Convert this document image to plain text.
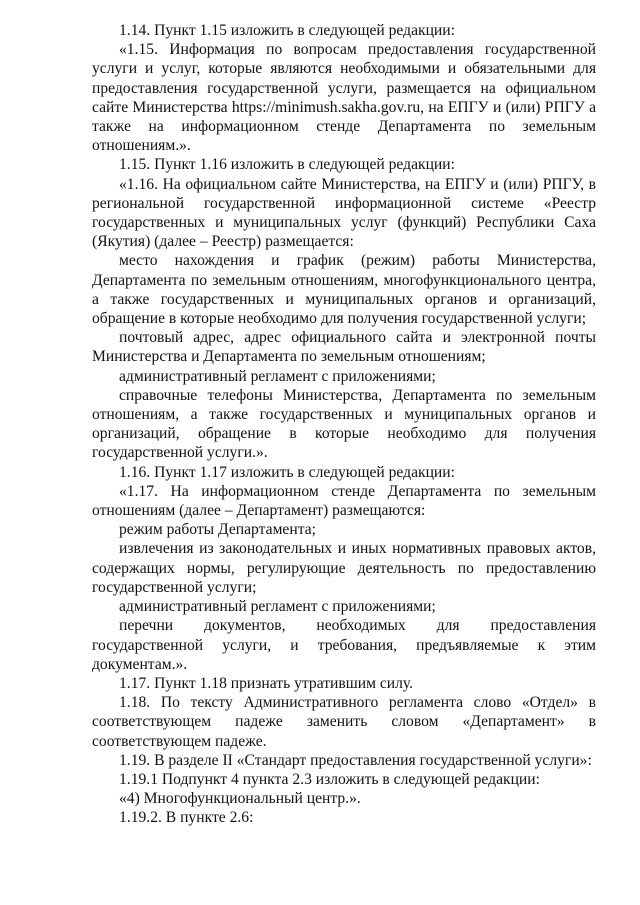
1.14. Пункт 1.15 изложить в следующей редакции:

«1.15. Информация по вопросам предоставления государственной услуги и услуг, которые являются необходимыми и обязательными для предоставления государственной услуги, размещается на официальном сайте Министерства https://minimush.sakha.gov.ru, на ЕПГУ и (или) РПГУ а также на информационном стенде Департамента по земельным отношениям.».

1.15. Пункт 1.16 изложить в следующей редакции:

«1.16. На официальном сайте Министерства, на ЕПГУ и (или) РПГУ, в региональной государственной информационной системе «Реестр государственных и муниципальных услуг (функций) Республики Саха (Якутия) (далее – Реестр) размещается:

место нахождения и график (режим) работы Министерства, Департамента по земельным отношениям, многофункционального центра, а также государственных и муниципальных органов и организаций, обращение в которые необходимо для получения государственной услуги;

почтовый адрес, адрес официального сайта и электронной почты Министерства и Департамента по земельным отношениям;

административный регламент с приложениями;

справочные телефоны Министерства, Департамента по земельным отношениям, а также государственных и муниципальных органов и организаций, обращение в которые необходимо для получения государственной услуги.».

1.16. Пункт 1.17 изложить в следующей редакции:

«1.17. На информационном стенде Департамента по земельным отношениям (далее – Департамент) размещаются:

режим работы Департамента;

извлечения из законодательных и иных нормативных правовых актов, содержащих нормы, регулирующие деятельность по предоставлению государственной услуги;

административный регламент с приложениями;

перечни документов, необходимых для предоставления государственной услуги, и требования, предъявляемые к этим документам.».

1.17. Пункт 1.18 признать утратившим силу.

1.18. По тексту Административного регламента слово «Отдел» в соответствующем падеже заменить словом «Департамент» в соответствующем падеже.

1.19. В разделе II «Стандарт предоставления государственной услуги»:

1.19.1 Подпункт 4 пункта 2.3 изложить в следующей редакции:

«4) Многофункциональный центр.».

1.19.2. В пункте 2.6:
